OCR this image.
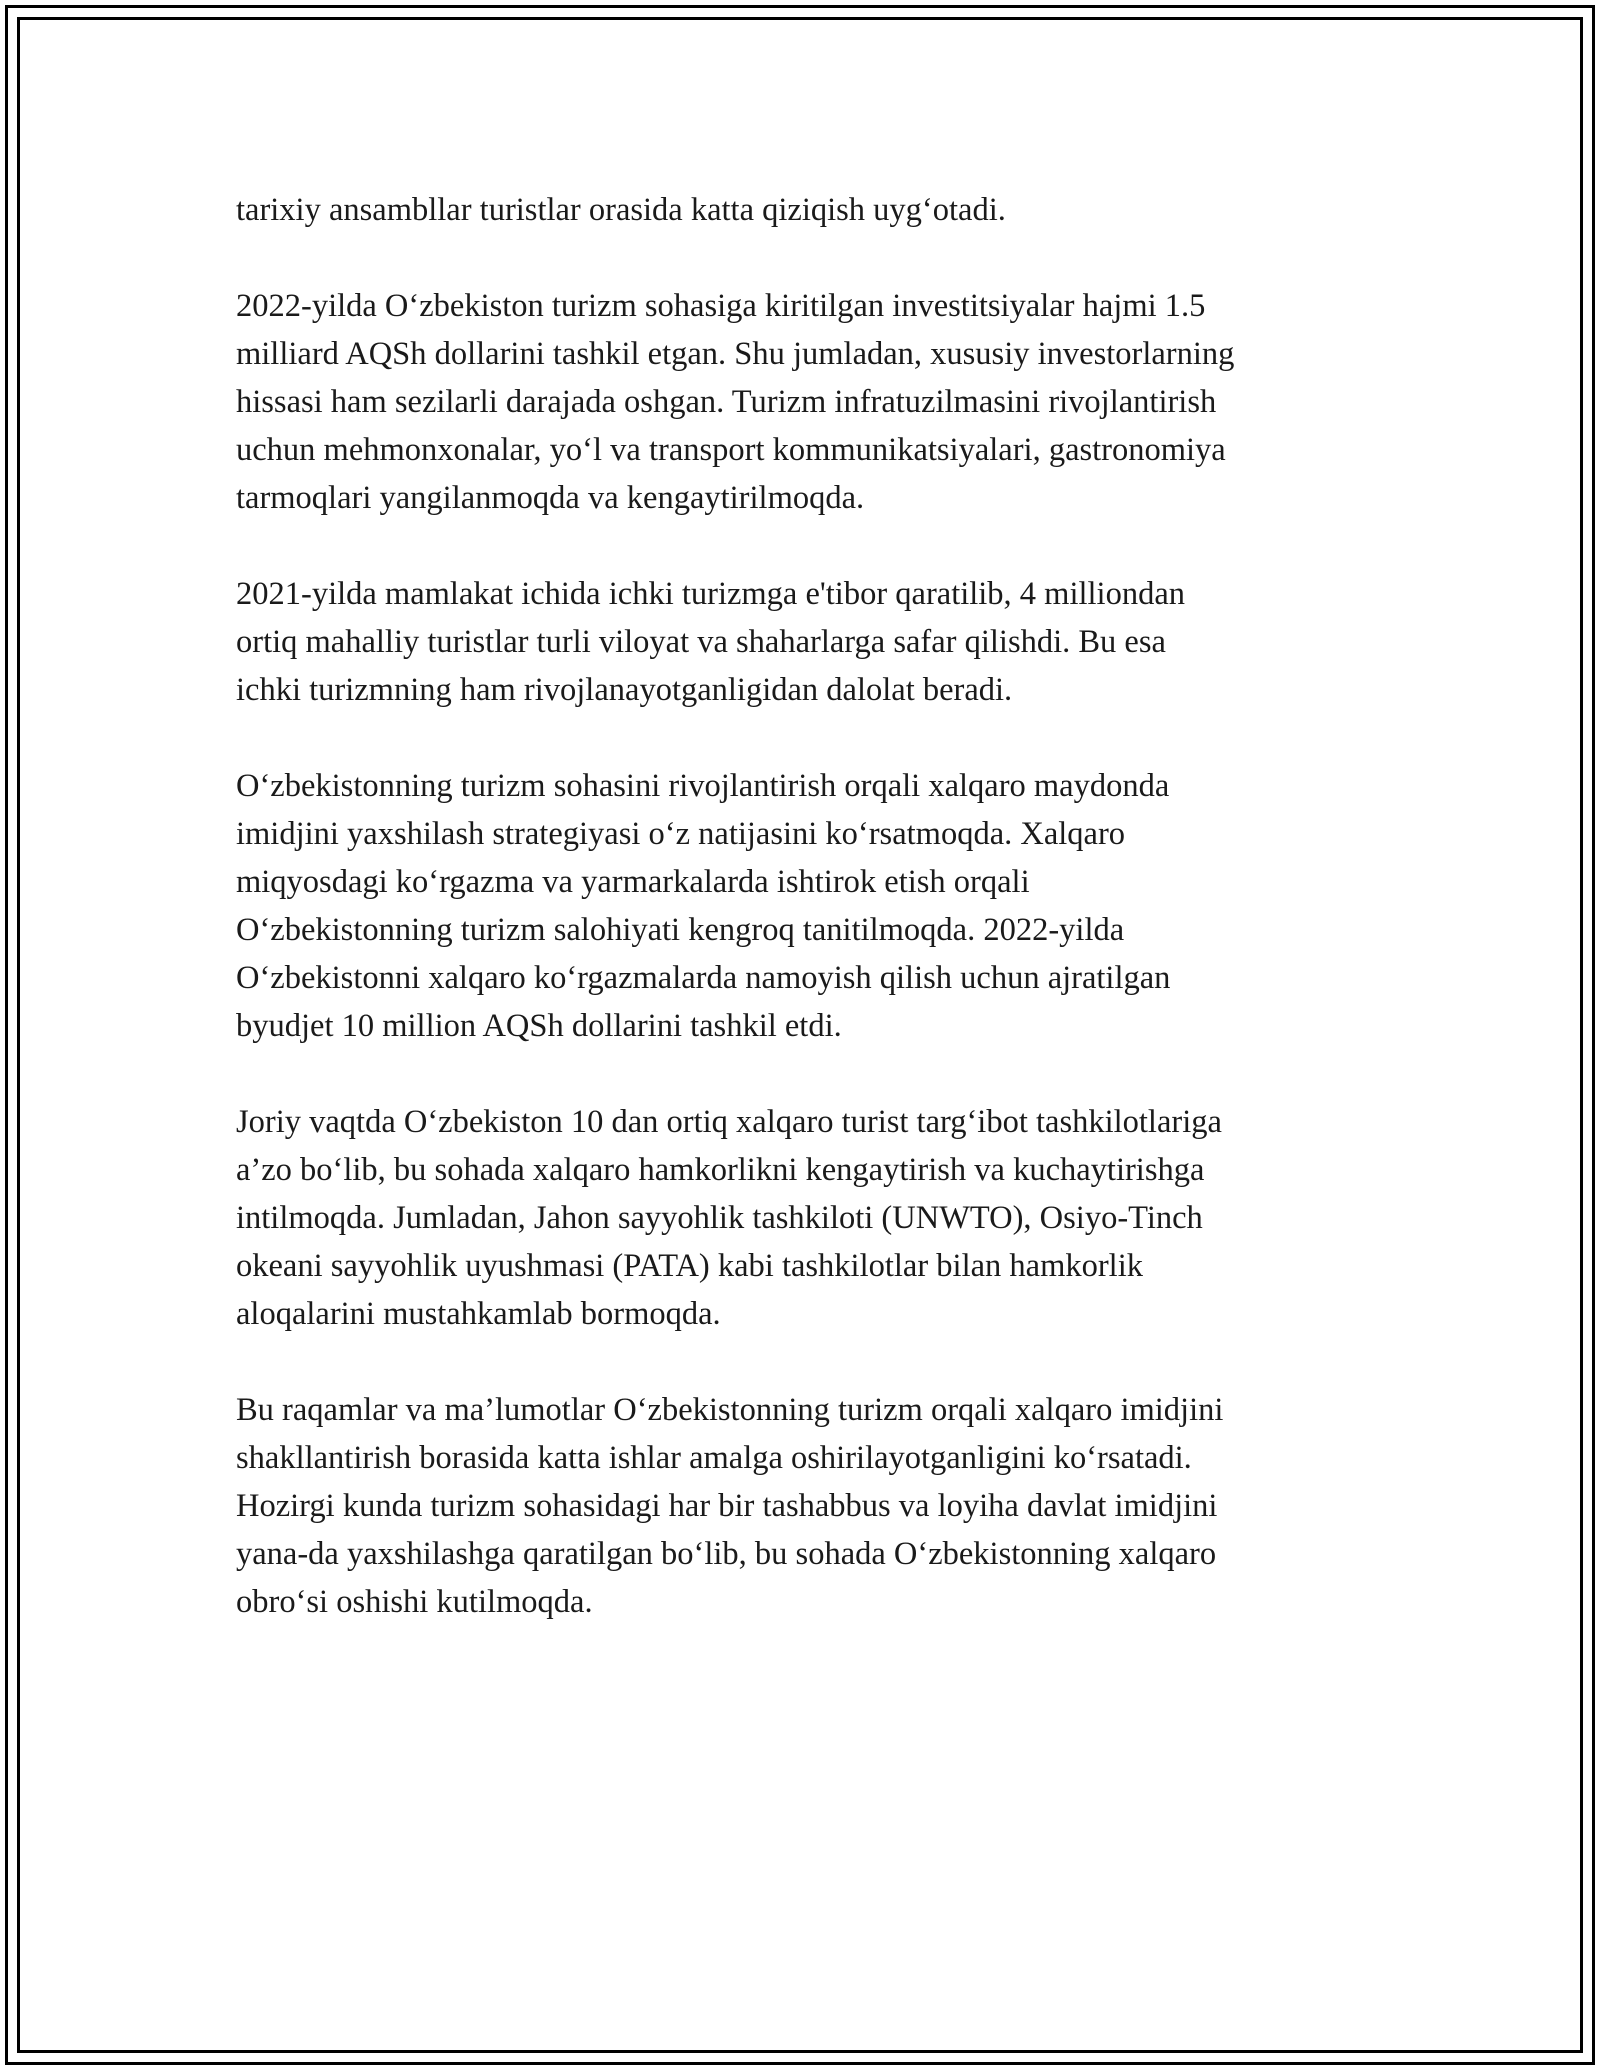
tarixiy ansambllar turistlar orasida katta qiziqish uyg‘otadi.

2022-yilda O‘zbekiston turizm sohasiga kiritilgan investitsiyalar hajmi 1.5
milliard AQSh dollarini tashkil etgan. Shu jumladan, xususiy investorlarning
hissasi ham sezilarli darajada oshgan. Turizm infratuzilmasini rivojlantirish
uchun mehmonxonalar, yo‘l va transport kommunikatsiyalari, gastronomiya
tarmoqlari yangilanmoqda va kengaytirilmoqda.

2021-yilda mamlakat ichida ichki turizmga e'tibor qaratilib, 4 milliondan
ortiq mahalliy turistlar turli viloyat va shaharlarga safar qilishdi. Bu esa
ichki turizmning ham rivojlanayotganligidan dalolat beradi.

O‘zbekistonning turizm sohasini rivojlantirish orqali xalqaro maydonda
imidjini yaxshilash strategiyasi o‘z natijasini ko‘rsatmoqda. Xalqaro
miqyosdagi ko‘rgazma va yarmarkalarda ishtirok etish orqali
O‘zbekistonning turizm salohiyati kengroq tanitilmoqda. 2022-yilda
O‘zbekistonni xalqaro ko‘rgazmalarda namoyish qilish uchun ajratilgan
byudjet 10 million AQSh dollarini tashkil etdi.

Joriy vaqtda O‘zbekiston 10 dan ortiq xalqaro turist targ‘ibot tashkilotlariga
a’zo bo‘lib, bu sohada xalqaro hamkorlikni kengaytirish va kuchaytirishga
intilmoqda. Jumladan, Jahon sayyohlik tashkiloti (UNWTO), Osiyo-Tinch
okeani sayyohlik uyushmasi (PATA) kabi tashkilotlar bilan hamkorlik
aloqalarini mustahkamlab bormoqda.

Bu raqamlar va ma’lumotlar O‘zbekistonning turizm orqali xalqaro imidjini
shakllantirish borasida katta ishlar amalga oshirilayotganligini ko‘rsatadi.
Hozirgi kunda turizm sohasidagi har bir tashabbus va loyiha davlat imidjini
yana-da yaxshilashga qaratilgan bo‘lib, bu sohada O‘zbekistonning xalqaro
obro‘si oshishi kutilmoqda.
